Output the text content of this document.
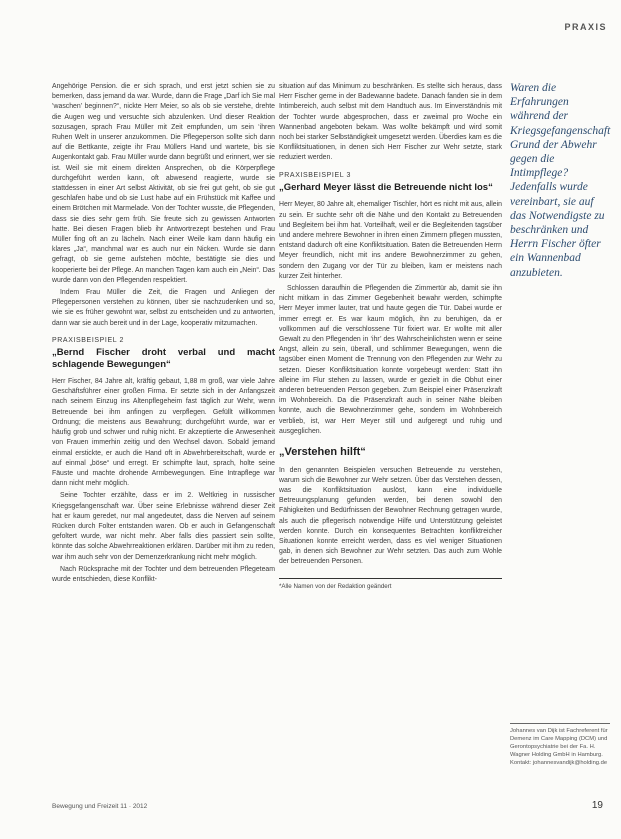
PRAXIS

Angehörige Pension. die er sich sprach, und erst jetzt schien sie zu bemerken, dass jemand da war. Wurde, dann die Frage „Darf ich Sie mal ’waschen’ beginnen?“, nickte Herr Meier, so als ob sie verstehe, drehte die Augen weg und versuchte sich abzulenken. Und dieser Reaktion sozusagen, sprach Frau Müller mit Zeit empfunden, um sein ‘ihren Ruhen Welt in unserer anzukommen. Die Pflegeperson sollte sich dann auf die Bettkante, zeigte ihr Frau Müllers Hand und wartete, bis sie Augenkontakt gab. Frau Müller wurde dann begrüßt und erinnert, wer sie ist. Weil sie mit einem direkten Ansprechen, ob die Körperpflege durchgeführt werden kann, oft abwesend reagierte, wurde sie stattdessen in einer Art selbst Aktivität, ob sie frei gut geht, ob sie gut geschlafen habe und ob sie Lust habe auf ein Frühstück mit Kaffee und einem Brötchen mit Marmelade. Von der Tochter wusste, die Pflegenden, dass sie dies sehr gern früh. Sie freute sich zu gewissen Antworten hatte. Bei diesen Fragen blieb ihr Antwortrezept bestehen und Frau Müller fing oft an zu lächeln. Nach einer Weile kam dann häufig ein klares „Ja“, manchmal war es auch nur ein Nicken. Wurde sie dann gefragt, ob sie gerne aufstehen möchte, bestätigte sie dies und kooperierte bei der Pflege. An manchen Tagen kam auch ein „Nein“. Das wurde dann von den Pflegenden respektiert.

Indem Frau Müller die Zeit, die Fragen und Anliegen der Pflegepersonen verstehen zu können, über sie nachzudenken und so, wie sie es früher gewohnt war, selbst zu entscheiden und zu antworten, dann war sie auch bereit und in der Lage, kooperativ mitzumachen.

PRAXISBEISPIEL 2
„Bernd Fischer droht verbal und macht schlagende Bewegungen“

Herr Fischer, 84 Jahre alt, kräftig gebaut, 1,88 m groß, war viele Jahre Geschäftsführer einer großen Firma. Er setzte sich in der Anfangszeit nach seinem Einzug ins Altenpflegeheim fast täglich zur Wehr, wenn Betreuende bei ihm anfingen zu verpflegen. Gefüllt willkommen Ordnung; die meistens aus Bewahrung; durchgeführt wurde, war er häufig grob und schwer und ruhig nicht. Er akzeptierte die Anwesenheit von Frauen immerhin zeitig und den Wechsel davon. Sobald jemand einmal erstickte, er auch die Hand oft in Abwehrbereitschaft, wurde er auf einmal „böse“ und erregt. Er schimpfte laut, sprach, holte seine Fäuste und machte drohende Armbewegungen. Eine Intrapflege war dann nicht mehr möglich.

Seine Tochter erzählte, dass er im 2. Weltkrieg in russischer Kriegsgefangenschaft war. Über seine Erlebnisse während dieser Zeit hat er kaum geredet, nur mal angedeutet, dass die Nerven auf seinem Rücken durch Folter entstanden waren. Ob er auch in Gefangenschaft gefoltert wurde, war nicht mehr. Aber falls dies passiert sein sollte, könnte das solche Abwehrreaktionen erklären. Darüber mit ihm zu reden, war ihm auch sehr von der Demenzerkrankung nicht mehr möglich.

Nach Rücksprache mit der Tochter und dem betreuenden Pflegeteam wurde entschieden, diese Konflikt-

situation auf das Minimum zu beschränken. Es stellte sich heraus, dass Herr Fischer gerne in der Badewanne badete. Danach fanden sie in dem Intimbereich, auch selbst mit dem Handtuch aus. Im Einverständnis mit der Tochter wurde abgesprochen, dass er zweimal pro Woche ein Wannenbad angeboten bekam. Was wollte bekämpft und wird somit noch bei starker Selbständigkeit umgesetzt werden. Überdies kam es die Konfliktsituationen, in denen sich Herr Fischer zur Wehr setzte, stark reduziert werden.

PRAXISBEISPIEL 3
„Gerhard Meyer lässt die Betreuende nicht los“

Herr Meyer, 80 Jahre alt, ehemaliger Tischler, hört es nicht mit aus, allein zu sein. Er suchte sehr oft die Nähe und den Kontakt zu Betreuenden und Begleitern bei ihm hat. Vorteilhaft, weil er die Begleitenden tagsüber und andere mehrere Bewohner in ihren einen Zimmern pflegen mussten, entstand dadurch oft eine Konfliktsituation. Baten die Betreuenden Herrn Meyer freundlich, nicht mit ins andere Bewohnerzimmer zu gehen, sondern den Zugang vor der Tür zu bleiben, kam er meistens nach kurzer Zeit hinterher.

Schlossen daraufhin die Pflegenden die Zimmertür ab, damit sie ihn nicht mitkam in das Zimmer Gegebenheit bewahr werden, schimpfte Herr Meyer immer lauter, trat und haute gegen die Tür. Dabei wurde er immer erregt er. Es war kaum möglich, ihn zu beruhigen, da er vollkommen auf die verschlossene Tür fixiert war. Er wollte mit aller Gewalt zu den Pflegenden in ‘ihr’ des Wahrscheinlichsten wenn er seine Angst, allein zu sein, überall, und schlimmer Bewegungen, wenn die tagsüber einen Moment die Trennung von den Pflegenden zur Wehr zu setzen. Dieser Konfliktsituation konnte vorgebeugt werden: Statt ihn alleine im Flur stehen zu lassen, wurde er gezielt in die Obhut einer anderen betreuenden Person gegeben. Zum Beispiel einer Präsenzkraft im Wohnbereich. Da die Präsenzkraft auch in seiner Nähe bleiben konnte, auch die Bewohnerzimmer gehe, sondern im Wohnbereich verblieb, ist, war Herr Meyer still und aufgeregt und ruhig und ausgeglichen.

„Verstehen hilft“

In den genannten Beispielen versuchen Betreuende zu verstehen, warum sich die Bewohner zur Wehr setzen. Über das Verstehen dessen, was die Konfliktsituation auslöst, kann eine individuelle Betreuungsplanung gefunden werden, bei denen sowohl den Fähigkeiten und Bedürfnissen der Bewohner Rechnung getragen wurde, als auch die pflegerisch notwendige Hilfe und Unterstützung geleistet werden konnte. Durch ein konsequentes Betrachten konfliktreicher Situationen konnte erreicht werden, dass es viel weniger Situationen gab, in denen sich Bewohner zur Wehr setzten. Das auch zum Wohle der betreuenden Personen.

*Alle Namen von der Redaktion geändert
Waren die Erfahrungen während der Kriegsgefangenschaft Grund der Abwehr gegen die Intimpflege? Jedenfalls wurde vereinbart, sie auf das Notwendigste zu beschränken und Herrn Fischer öfter ein Wannenbad anzubieten.
Johannes van Dijk ist Fachreferent für Demenz im Care Mapping (DCM) und Gerontopsychiatrie bei der Fa. H. Wagner Holding GmbH in Hamburg. Kontakt: johannesvandijk@holding.de
Bewegung und Freizeit 11 · 2012	19
